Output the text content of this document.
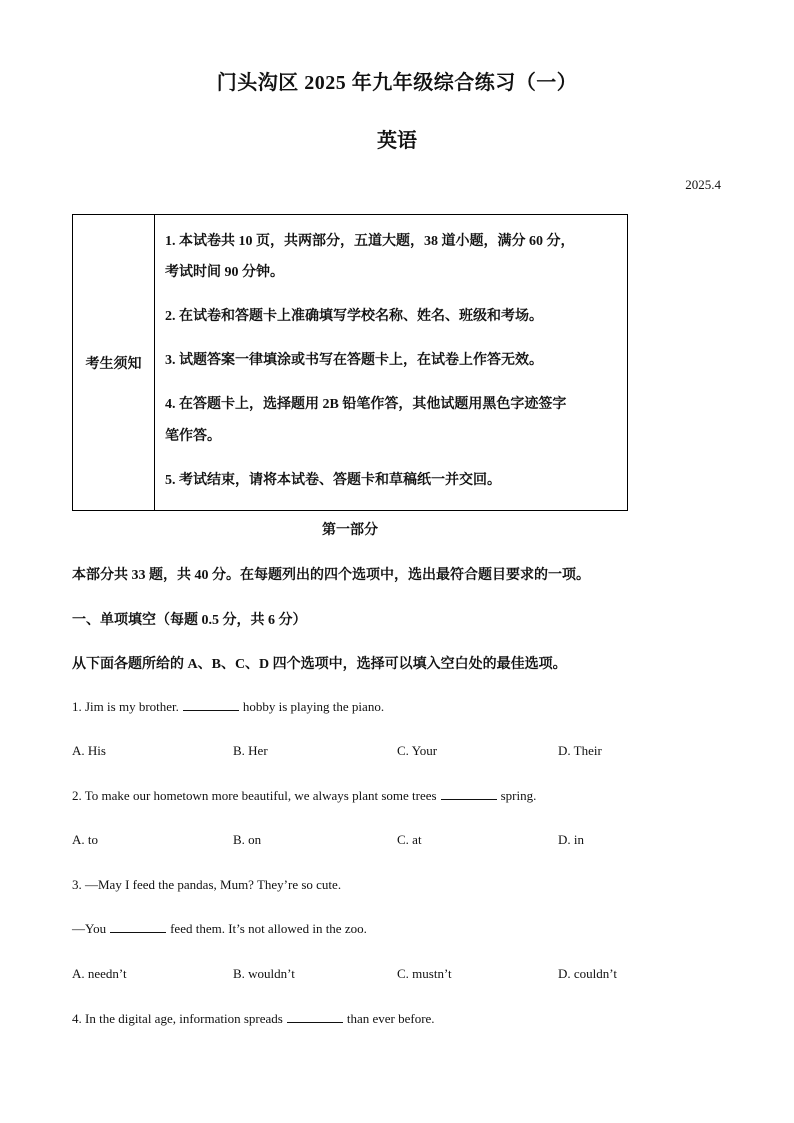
门头沟区 2025 年九年级综合练习（一）
英语
2025.4
考生须知
1. 本试卷共 10 页，共两部分，五道大题，38 道小题，满分 60 分，
考试时间 90 分钟。
2. 在试卷和答题卡上准确填写学校名称、姓名、班级和考场。
3. 试题答案一律填涂或书写在答题卡上，在试卷上作答无效。
4. 在答题卡上，选择题用 2B 铅笔作答，其他试题用黑色字迹签字
笔作答。
5. 考试结束，请将本试卷、答题卡和草稿纸一并交回。
第一部分
本部分共 33 题，共 40 分。在每题列出的四个选项中，选出最符合题目要求的一项。
一、单项填空（每题 0.5 分，共 6 分）
从下面各题所给的 A、B、C、D 四个选项中，选择可以填入空白处的最佳选项。
1. Jim is my brother.	hobby is playing the piano.
A. His	B. Her	C. Your	D. Their
2. To make our hometown more beautiful, we always plant some trees	spring.
A. to	B. on	C. at	D. in
3. —May I feed the pandas, Mum? They’re so cute.
—You	feed them. It’s not allowed in the zoo.
A. needn’t	B. wouldn’t	C. mustn’t	D. couldn’t
4. In the digital age, information spreads	than ever before.
